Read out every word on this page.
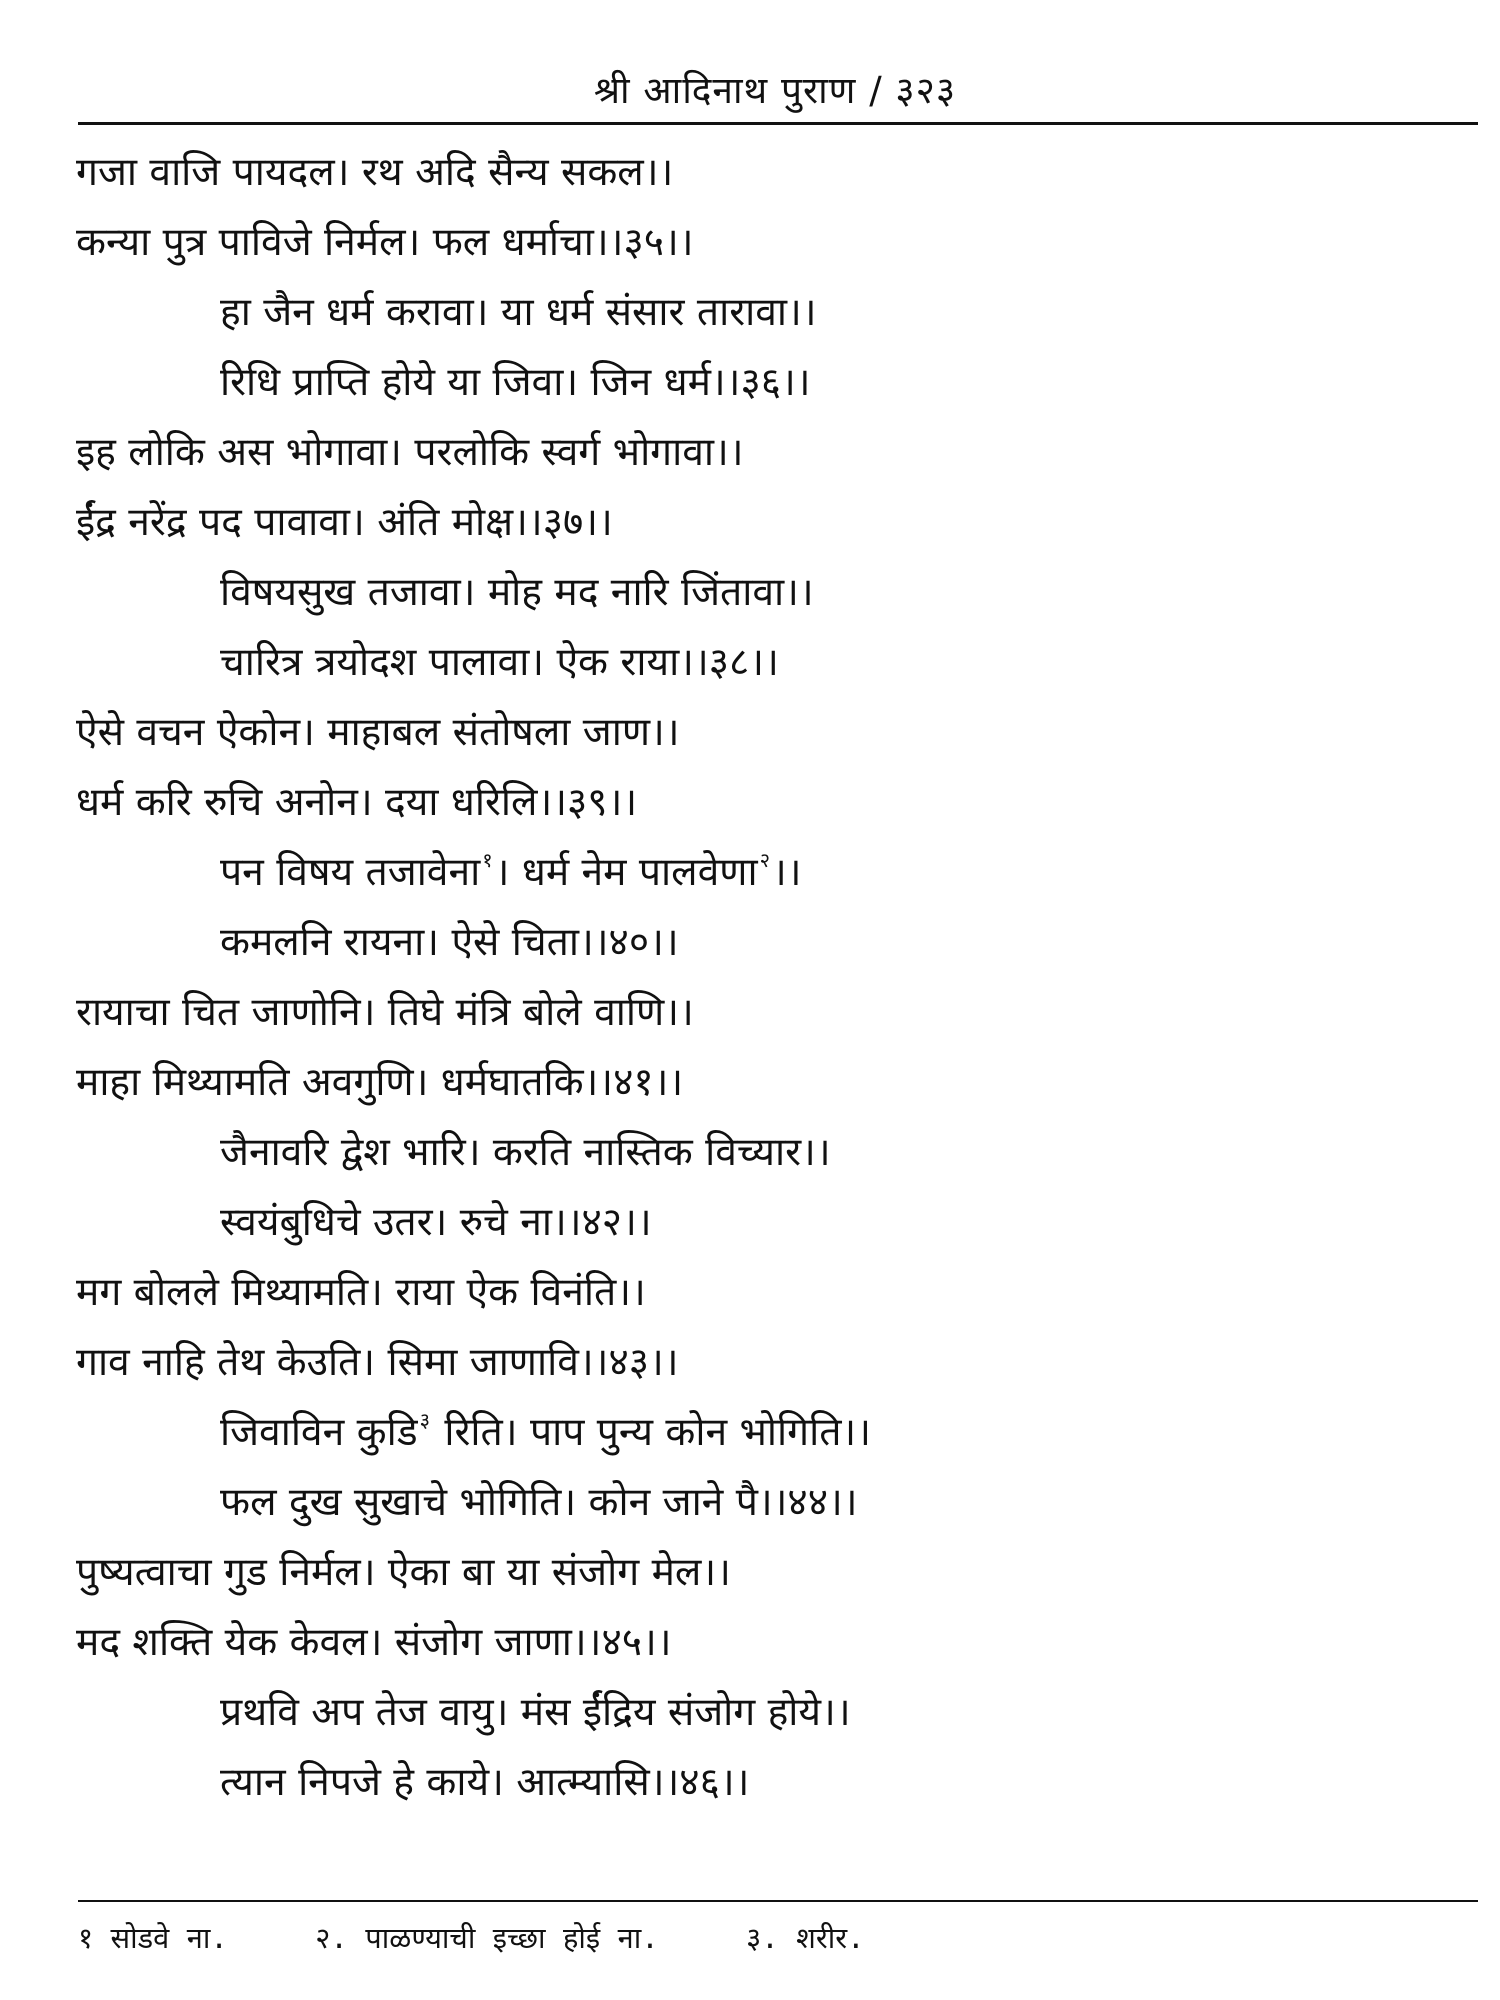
श्री आदिनाथ पुराण / ३२३
गजा वाजि पायदल। रथ अदि सैन्य सकल।।
कन्या पुत्र पाविजे निर्मल। फल धर्माचा।।३५।।
हा जैन धर्म करावा। या धर्म संसार तारावा।।
रिधि प्राप्ति होये या जिवा। जिन धर्म।।३६।।
इह लोकि अस भोगावा। परलोकि स्वर्ग भोगावा।।
ईंद्र नरेंद्र पद पावावा। अंति मोक्ष।।३७।।
विषयसुख तजावा। मोह मद नारि जिंतावा।।
चारित्र त्रयोदश पालावा। ऐक राया।।३८।।
ऐसे वचन ऐकोन। माहाबल संतोषला जाण।।
धर्म करि रुचि अनोन। दया धरिलि।।३९।।
पन विषय तजावेना $^१$। धर्म नेम पालवेणा $^२$।।
कमलनि रायना। ऐसे चिता।।४०।।
रायाचा चित जाणोनि। तिघे मंत्रि बोले वाणि।।
माहा मिथ्यामति अवगुणि। धर्मघातकि।।४१।।
जैनावरि द्वेश भारि। करति नास्तिक विच्यार।।
स्वयंबुधिचे उतर। रुचे ना।।४२।।
मग बोलले मिथ्यामति। राया ऐक विनंति।।
गाव नाहि तेथ केउति। सिमा जाणावि।।४३।।
जिवाविन कुडि $^३$ रिति। पाप पुन्य कोन भोगिति।।
फल दुख सुखाचे भोगिति। कोन जाने पै।।४४।।
पुष्यत्वाचा गुड निर्मल। ऐका बा या संजोग मेल।।
मद शक्ति येक केवल। संजोग जाणा।।४५।।
प्रथवि अप तेज वायु। मंस ईंद्रिय संजोग होये।।
त्यान निपजे हे काये। आत्म्यासि।।४६।।
१ सोडवे ना.	२. पाळण्याची इच्छा होई ना.	३. शरीर.
